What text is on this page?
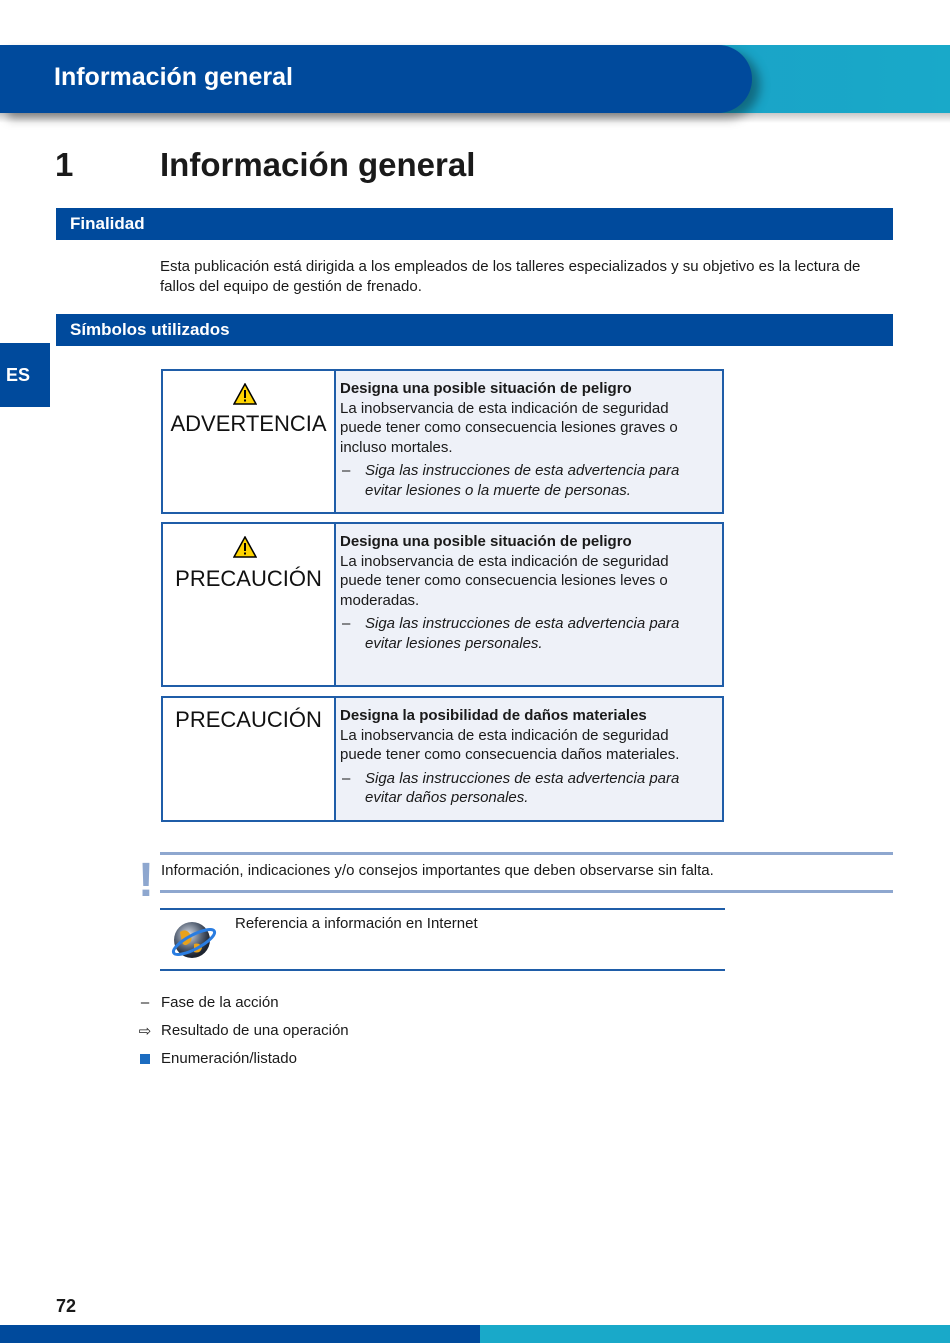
Información general
1	Información general
Finalidad
Esta publicación está dirigida a los empleados de los talleres especializados y su objetivo es la lectura de fallos del equipo de gestión de frenado.
Símbolos utilizados
ES
ADVERTENCIA
Designa una posible situación de peligro
La inobservancia de esta indicación de seguridad puede tener como consecuencia lesiones graves o incluso mortales.
– Siga las instrucciones de esta advertencia para evitar lesiones o la muerte de personas.
PRECAUCIÓN
Designa una posible situación de peligro
La inobservancia de esta indicación de seguridad puede tener como consecuencia lesiones leves o moderadas.
– Siga las instrucciones de esta advertencia para evitar lesiones personales.
PRECAUCIÓN	Designa la posibilidad de daños materiales
La inobservancia de esta indicación de seguridad puede tener como consecuencia daños materiales.
– Siga las instrucciones de esta advertencia para evitar daños personales.
! Información, indicaciones y/o consejos importantes que deben observarse sin falta.
Referencia a información en Internet
– Fase de la acción
⇨ Resultado de una operación
Enumeración/listado
72
